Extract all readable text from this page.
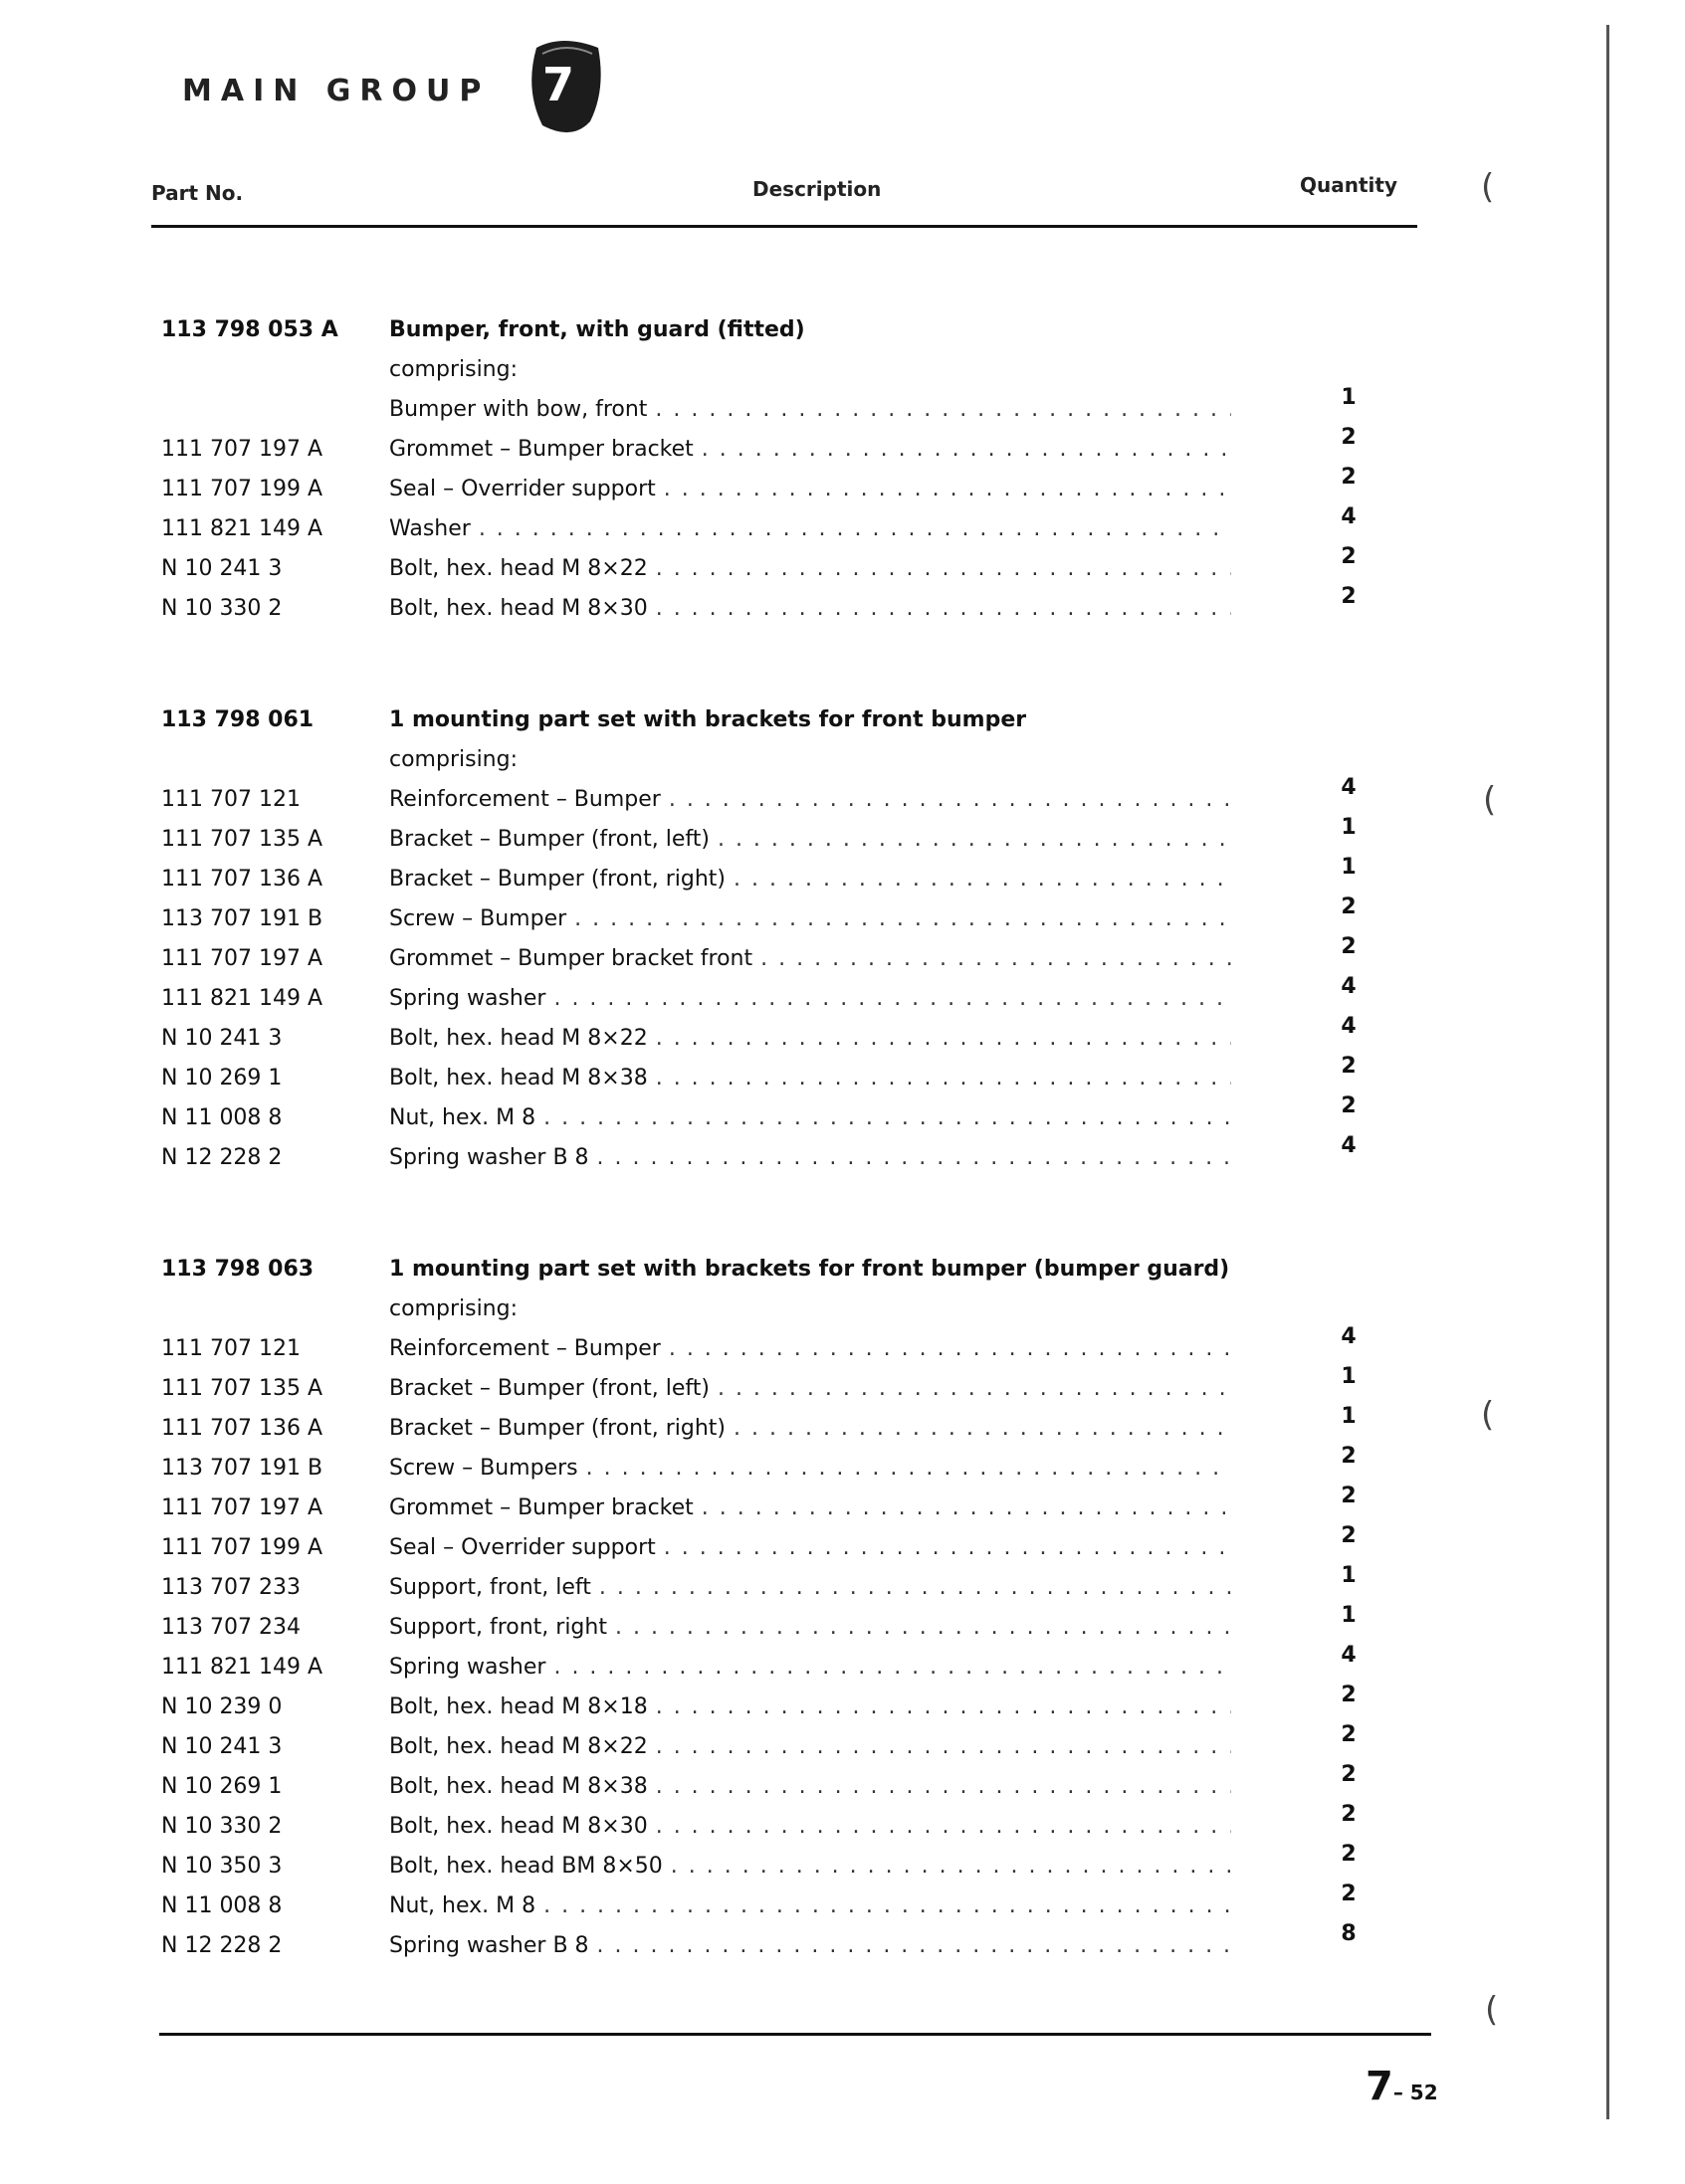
MAIN GROUP	7
Part No.	Description	Quantity (
(
(
(
113 798 053 A Bumper, front, with guard (fitted)
comprising:
Bumper with bow, front . . .	1
111 707 197 A	Grommet – Bumper bracket . . .	2
111 707 199 A	Seal – Overrider support . . .	2
111 821 149 A	Washer . . .	4
N 10 241 3	Bolt, hex. head M 8×22 . . .	2
N 10 330 2	Bolt, hex. head M 8×30 . . .	2
113 798 061	1 mounting part set with brackets for front bumper
comprising:
111 707 121	Reinforcement – Bumper . . .	4
111 707 135 A	Bracket – Bumper (front, left) . . .	1
111 707 136 A	Bracket – Bumper (front, right) . . .	1
113 707 191 B	Screw – Bumper . . .	2
111 707 197 A	Grommet – Bumper bracket front . . .	2
111 821 149 A	Spring washer . . .	4
N 10 241 3	Bolt, hex. head M 8×22 . . .	4
N 10 269 1	Bolt, hex. head M 8×38 . . .	2
N 11 008 8	Nut, hex. M 8 . . .	2
N 12 228 2	Spring washer B 8 . . .	4
113 798 063	1 mounting part set with brackets for front bumper (bumper guard)
comprising:
111 707 121	Reinforcement – Bumper . . .	4
111 707 135 A	Bracket – Bumper (front, left) . . .	1
111 707 136 A	Bracket – Bumper (front, right) . . .	1
113 707 191 B	Screw – Bumpers . . .	2
111 707 197 A	Grommet – Bumper bracket . . .	2
111 707 199 A	Seal – Overrider support . . .	2
113 707 233	Support, front, left . . .	1
113 707 234	Support, front, right . . .	1
111 821 149 A	Spring washer . . .	4
N 10 239 0	Bolt, hex. head M 8×18 . . .	2
N 10 241 3	Bolt, hex. head M 8×22 . . .	2
N 10 269 1	Bolt, hex. head M 8×38 . . .	2
N 10 330 2	Bolt, hex. head M 8×30 . . .	2
N 10 350 3	Bolt, hex. head BM 8×50 . . .	2
N 11 008 8	Nut, hex. M 8 . . .	2
N 12 228 2	Spring washer B 8 . . .	8
7– 52
